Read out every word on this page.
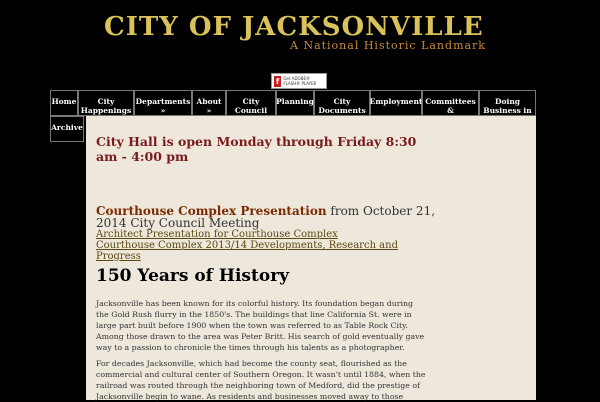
CITY OF JACKSONVILLE

A National Historic Landmark

f Get ADOBE® FLASH® PLAYER
Home	City Happenings
Departments »
About »
City Council
Planning	City Documents
Employment Committees &
Doing Business in
Archive
City Hall is open Monday through Friday 8:30 am - 4:00 pm
Courthouse Complex Presentation from October 21, 2014 City Council Meeting
Architect Presentation for Courthouse Complex
Courthouse Complex 2013/14 Developments, Research and Progress
150 Years of History

Jacksonville has been known for its colorful history. Its foundation began during the Gold Rush flurry in the 1850's. The buildings that line California St. were in large part built before 1900 when the town was referred to as Table Rock City. Among those drawn to the area was Peter Britt. His search of gold eventually gave way to a passion to chronicle the times through his talents as a photographer.

For decades Jacksonville, which had become the county seat, flourished as the commercial and cultural center of Southern Oregon. It wasn't until 1884, when the railroad was routed through the neighboring town of Medford, did the prestige of Jacksonville begin to wane. As residents and businesses moved away to those
